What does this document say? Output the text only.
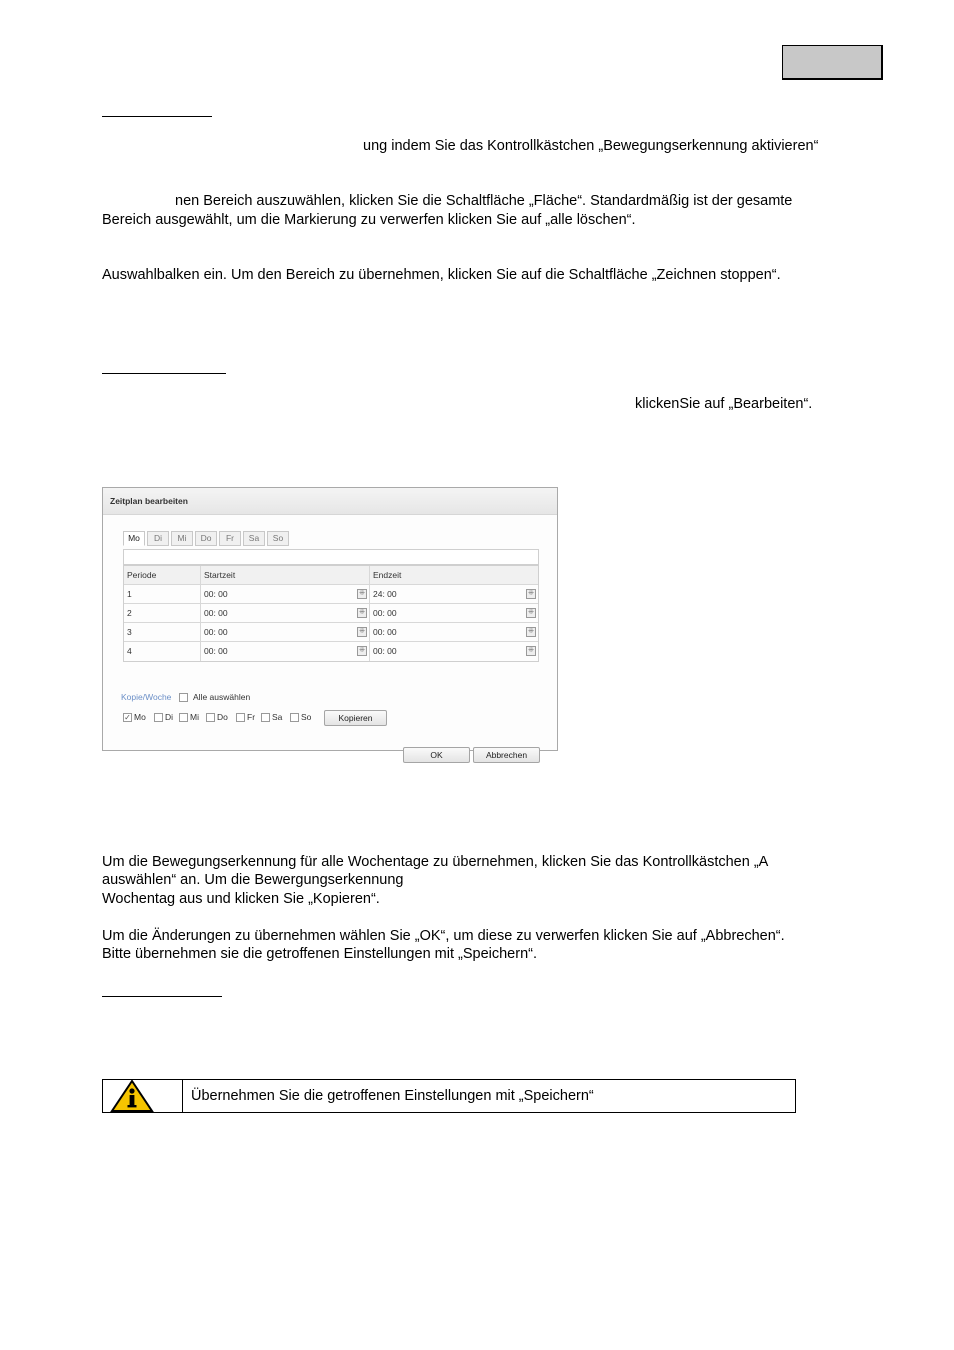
ung indem Sie das Kontrollkästchen „Bewegungserkennung aktivieren“
nen Bereich auszuwählen, klicken Sie die Schaltfläche „Fläche“. Standardmäßig ist der gesamte
Bereich ausgewählt, um die Markierung zu verwerfen klicken Sie auf „alle löschen“.
Auswahlbalken ein. Um den Bereich zu übernehmen, klicken Sie auf die Schaltfläche „Zeichnen stoppen“.
klickenSie auf „Bearbeiten“.
Zeitplan bearbeiten
Mo	Di	Mi	Do	Fr	Sa	So
Periode	Startzeit	Endzeit
1	00: 00	⁜ 24: 00	⁜
2	00: 00	⁜ 00: 00	⁜
3	00: 00	⁜ 00: 00	⁜
4	00: 00	⁜ 00: 00	⁜
Kopie/Woche	Alle auswählen
✓ Mo Di Mi Do Fr Sa So	Kopieren
OK	Abbrechen
Um die Bewegungserkennung für alle Wochentage zu übernehmen, klicken Sie das Kontrollkästchen „A
auswählen“ an. Um die Bewergungserkennung
Wochentag aus und klicken Sie „Kopieren“.
Um die Änderungen zu übernehmen wählen Sie „OK“, um diese zu verwerfen klicken Sie auf „Abbrechen“.
Bitte übernehmen sie die getroffenen Einstellungen mit „Speichern“.
Übernehmen Sie die getroffenen Einstellungen mit „Speichern“
